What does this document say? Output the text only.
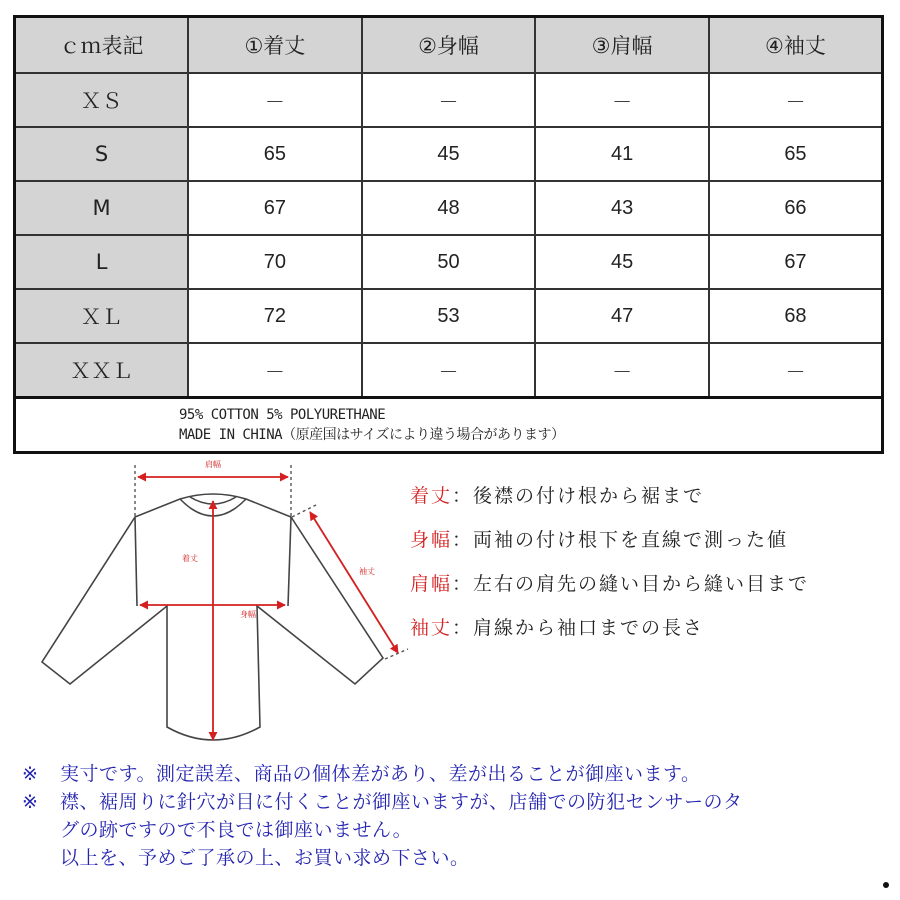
ｃｍ表記	①着丈	②身幅	③肩幅	④袖丈
ＸＳ	－	－	－	－
S	65	45	41	65
M	67	48	43	66
L	70	50	45	67
ＸＬ	72	53	47	68
ＸＸＬ	－	－	－	－

95% COTTON 5% POLYURETHANE
MADE IN CHINA（原産国はサイズにより違う場合があります）				
肩幅
着丈
身幅
袖丈
着丈：後襟の付け根から裾まで
身幅：両袖の付け根下を直線で測った値
肩幅：左右の肩先の縫い目から縫い目まで
袖丈：肩線から袖口までの長さ
※ 実寸です。測定誤差、商品の個体差があり、差が出ることが御座います。
※ 襟、裾周りに針穴が目に付くことが御座いますが、店舗での防犯センサーのタ
グの跡ですので不良では御座いません。
以上を、予めご了承の上、お買い求め下さい。
